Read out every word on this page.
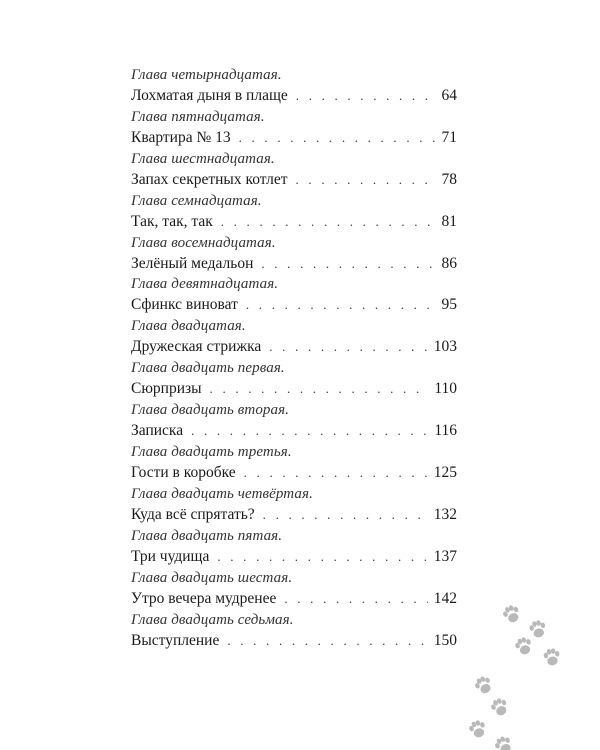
Глава четырнадцатая.
Лохматая дыня в плаще . . .	64
Глава пятнадцатая.
Квартира № 13 . . .	71
Глава шестнадцатая.
Запах секретных котлет . . .	78
Глава семнадцатая.
Так, так, так . . .	81
Глава восемнадцатая.
Зелёный медальон . . .	86
Глава девятнадцатая.
Сфинкс виноват . . .	95
Глава двадцатая.
Дружеская стрижка . . .	103
Глава двадцать первая.
Сюрпризы . . .	110
Глава двадцать вторая.
Записка . . .	116
Глава двадцать третья.
Гости в коробке . . .	125
Глава двадцать четвёртая.
Куда всё спрятать? . . .	132
Глава двадцать пятая.
Три чудища . . .	137
Глава двадцать шестая.
Утро вечера мудренее . . .	142
Глава двадцать седьмая.
Выступление . . .	150
